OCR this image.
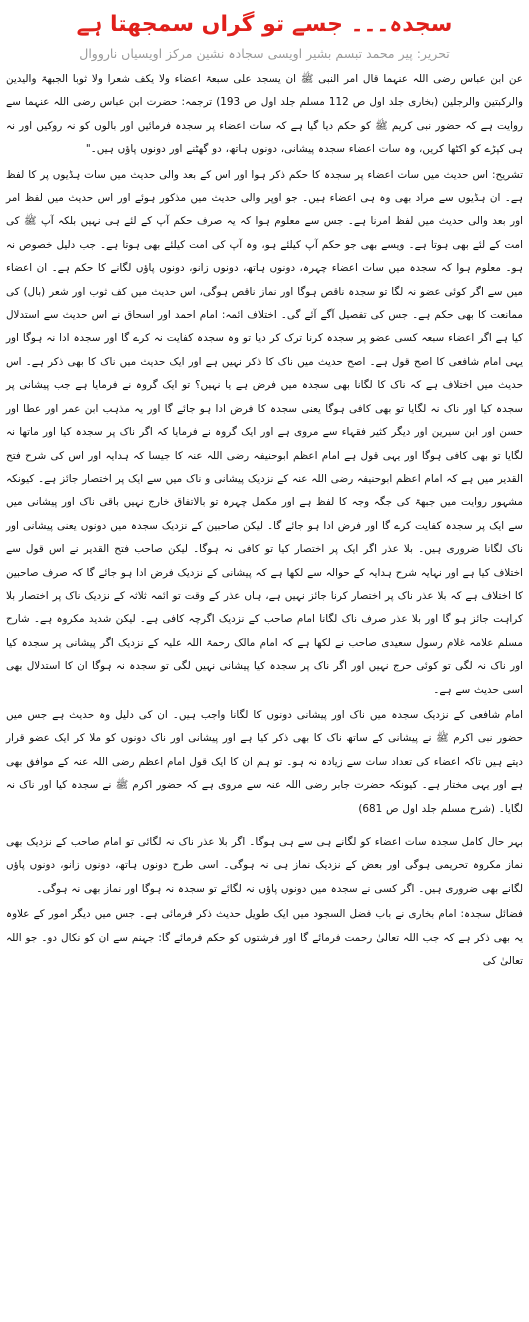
سجدہ۔۔۔ جسے تو گراں سمجھتا ہے
تحریر: پیر محمد تبسم بشیر اویسی سجادہ نشین مرکز اویسیاں نارووال

عن ابن عباس رضی اللہ عنہما قال امر النبی ﷺ ان یسجد علی سبعۃ اعضاء ولا یکف شعرا ولا ثوبا الجبھۃ والیدین والرکبتین والرجلین (بخاری جلد اول ص 112 مسلم جلد اول ص 193) ترجمہ: حضرت ابن عباس رضی اللہ عنہما سے روایت ہے کہ حضور نبی کریم ﷺ کو حکم دیا گیا ہے کہ سات اعضاء پر سجدہ فرمائیں اور بالوں کو نہ روکیں اور نہ ہی کپڑے کو اکٹھا کریں، وہ سات اعضاء سجدہ پیشانی، دونوں ہاتھ، دو گھٹنے اور دونوں پاؤں ہیں۔"

تشریح: اس حدیث میں سات اعضاء پر سجدہ کا حکم ذکر ہوا اور اس کے بعد والی حدیث میں سات ہڈیوں پر کا لفظ ہے۔ ان ہڈیوں سے مراد بھی وہ ہی اعضاء ہیں۔ جو اوپر والی حدیث میں مذکور ہوئے اور اس حدیث میں لفظ امر اور بعد والی حدیث میں لفظ امرنا ہے۔ جس سے معلوم ہوا کہ یہ صرف حکم آپ کے لئے ہی نہیں بلکہ آپ ﷺ کی امت کے لئے بھی ہوتا ہے۔ ویسے بھی جو حکم آپ کیلئے ہو، وہ آپ کی امت کیلئے بھی ہوتا ہے۔ جب دلیل خصوص نہ ہو۔ معلوم ہوا کہ سجدہ میں سات اعضاء چہرہ، دونوں ہاتھ، دونوں زانو، دونوں پاؤں لگانے کا حکم ہے۔ ان اعضاء میں سے اگر کوئی عضو نہ لگا تو سجدہ ناقص ہوگا اور نماز ناقص ہوگی، اس حدیث میں کف ثوب اور شعر (بال) کی ممانعت کا بھی حکم ہے۔ جس کی تفصیل آگے آئے گی۔ اختلاف ائمہ: امام احمد اور اسحاق نے اس حدیث سے استدلال کیا ہے اگر اعضاء سبعہ کسی عضو پر سجدہ کرنا ترک کر دیا تو وہ سجدہ کفایت نہ کرے گا اور سجدہ ادا نہ ہوگا اور یہی امام شافعی کا اصح قول ہے۔ اصح حدیث میں ناک کا ذکر نہیں ہے اور ایک حدیث میں ناک کا بھی ذکر ہے۔ اس حدیث میں اختلاف ہے کہ ناک کا لگانا بھی سجدہ میں فرض ہے یا نہیں؟ تو ایک گروہ نے فرمایا ہے جب پیشانی پر سجدہ کیا اور ناک نہ لگایا تو بھی کافی ہوگا یعنی سجدہ کا فرض ادا ہو جائے گا اور یہ مذہب ابن عمر اور عطا اور حسن اور ابن سیرین اور دیگر کثیر فقہاء سے مروی ہے اور ایک گروہ نے فرمایا کہ اگر ناک پر سجدہ کیا اور ماتھا نہ لگایا تو بھی کافی ہوگا اور یہی قول ہے امام اعظم ابوحنیفہ رضی اللہ عنہ کا جیسا کہ ہدایہ اور اس کی شرح فتح القدیر میں ہے کہ امام اعظم ابوحنیفہ رضی اللہ عنہ کے نزدیک پیشانی و ناک میں سے ایک پر اختصار جائز ہے۔ کیونکہ مشہور روایت میں جبھۃ کی جگہ وجہ کا لفظ ہے اور مکمل چہرہ تو بالاتفاق خارج نہیں باقی ناک اور پیشانی میں سے ایک پر سجدہ کفایت کرے گا اور فرض ادا ہو جائے گا۔ لیکن صاحبین کے نزدیک سجدہ میں دونوں یعنی پیشانی اور ناک لگانا ضروری ہیں۔ بلا عذر اگر ایک پر اختصار کیا تو کافی نہ ہوگا۔ لیکن صاحب فتح القدیر نے اس قول سے اختلاف کیا ہے اور نہایہ شرح ہدایہ کے حوالہ سے لکھا ہے کہ پیشانی کے نزدیک فرض ادا ہو جائے گا کہ صرف صاحبین کا اختلاف ہے کہ بلا عذر ناک پر اختصار کرنا جائز نہیں ہے، ہاں عذر کے وقت تو ائمہ ثلاثہ کے نزدیک ناک پر اختصار بلا کراہت جائز ہو گا اور بلا عذر صرف ناک لگانا امام صاحب کے نزدیک اگرچہ کافی ہے۔ لیکن شدید مکروہ ہے۔ شارح مسلم علامہ غلام رسول سعیدی صاحب نے لکھا ہے کہ امام مالک رحمۃ اللہ علیہ کے نزدیک اگر پیشانی پر سجدہ کیا اور ناک نہ لگی تو کوئی حرج نہیں اور اگر ناک پر سجدہ کیا پیشانی نہیں لگی تو سجدہ نہ ہوگا ان کا استدلال بھی اسی حدیث سے ہے۔

امام شافعی کے نزدیک سجدہ میں ناک اور پیشانی دونوں کا لگانا واجب ہیں۔ ان کی دلیل وہ حدیث ہے جس میں حضور نبی اکرم ﷺ نے پیشانی کے ساتھ ناک کا بھی ذکر کیا ہے اور پیشانی اور ناک دونوں کو ملا کر ایک عضو قرار دیتے ہیں تاکہ اعضاء کی تعداد سات سے زیادہ نہ ہو۔ تو ہم ان کا ایک قول امام اعظم رضی اللہ عنہ کے موافق بھی ہے اور یہی مختار ہے۔ کیونکہ حضرت جابر رضی اللہ عنہ سے مروی ہے کہ حضور اکرم ﷺ نے سجدہ کیا اور ناک نہ لگایا۔ (شرح مسلم جلد اول ص 681)

بہر حال کامل سجدہ سات اعضاء کو لگانے ہی سے ہی ہوگا۔ اگر بلا عذر ناک نہ لگائی تو امام صاحب کے نزدیک بھی نماز مکروہ تحریمی ہوگی اور بعض کے نزدیک نماز ہی نہ ہوگی۔ اسی طرح دونوں ہاتھ، دونوں زانو، دونوں پاؤں لگانے بھی ضروری ہیں۔ اگر کسی نے سجدہ میں دونوں پاؤں نہ لگائے تو سجدہ نہ ہوگا اور نماز بھی نہ ہوگی۔

فضائل سجدہ: امام بخاری نے باب فضل السجود میں ایک طویل حدیث ذکر فرمائی ہے۔ جس میں دیگر امور کے علاوہ یہ بھی ذکر ہے کہ جب اللہ تعالیٰ رحمت فرمائے گا اور فرشتوں کو حکم فرمائے گا: جہنم سے ان کو نکال دو۔ جو اللہ تعالیٰ کی
